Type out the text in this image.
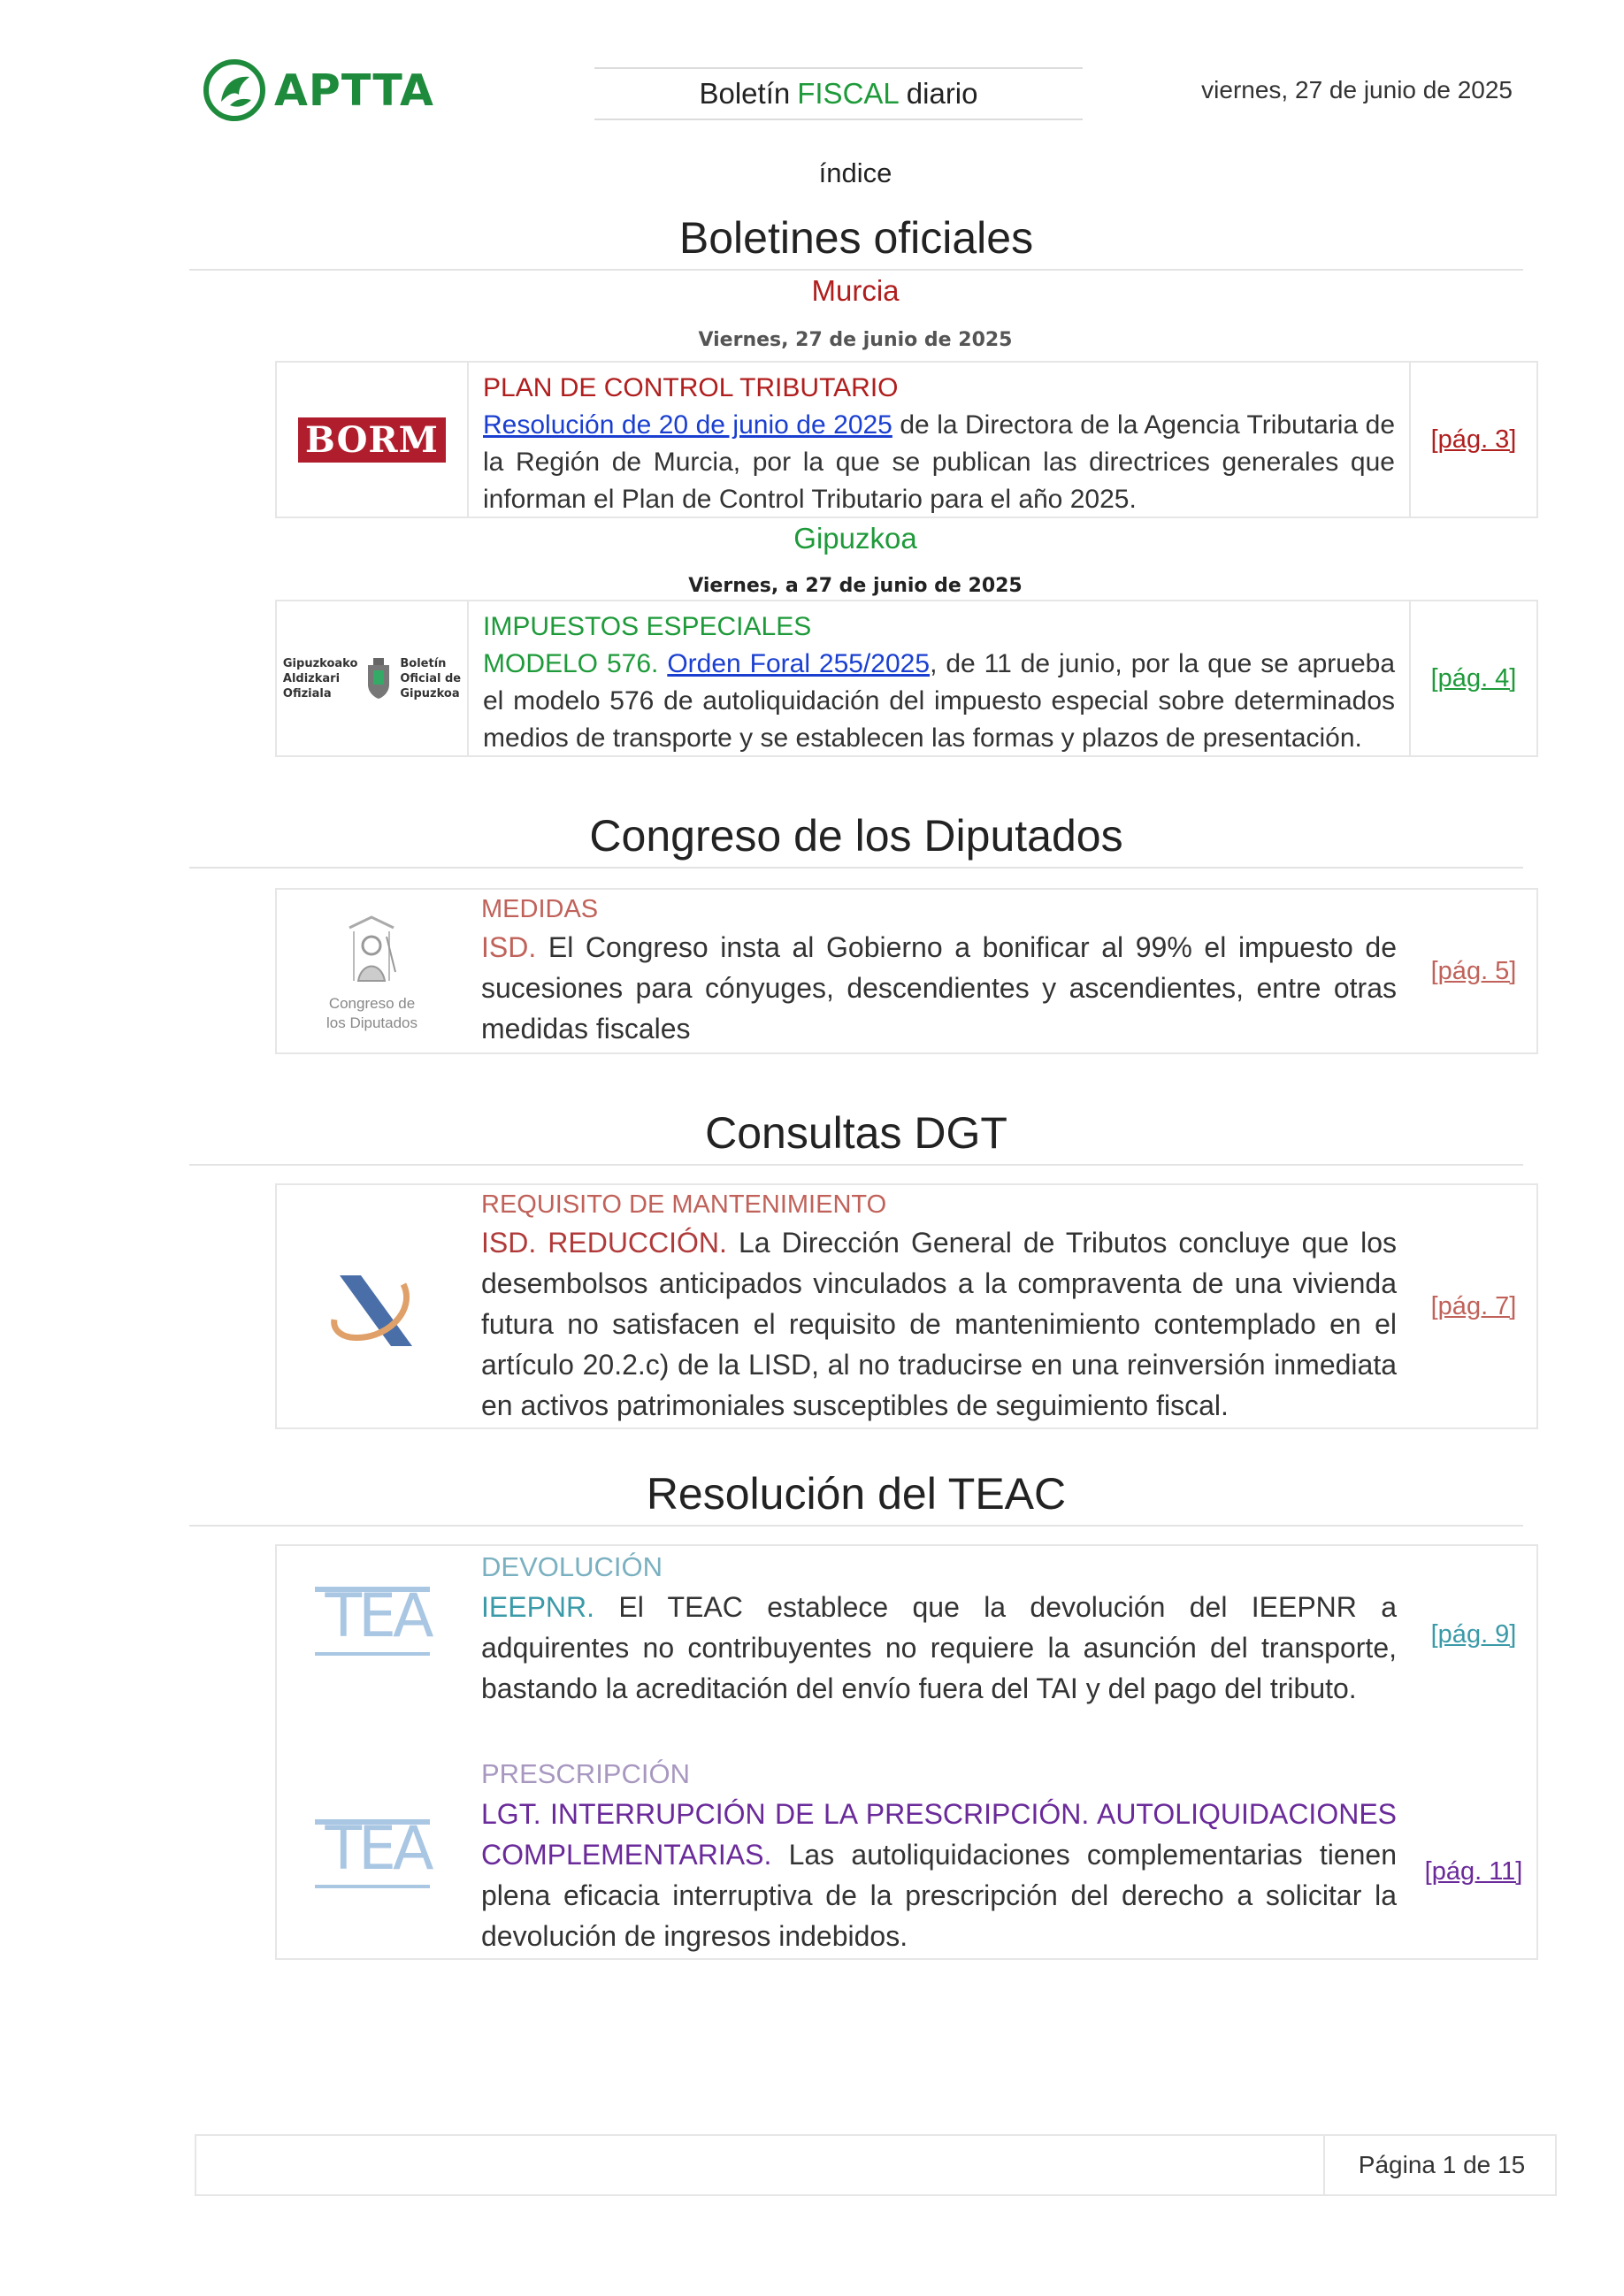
APTTA	Boletín FISCAL diario	viernes, 27 de junio de 2025
índice
Boletines oficiales
Murcia
Viernes, 27 de junio de 2025
BORM
PLAN DE CONTROL TRIBUTARIO
Resolución de 20 de junio de 2025 de la Directora de la Agencia Tributaria de la Región de Murcia, por la que se publican las directrices generales que informan el Plan de Control Tributario para el año 2025.
[pág. 3]
Gipuzkoa
Viernes, a 27 de junio de 2025
Gipuzkoako
Aldizkari
Ofiziala
Boletín
Oficial de
Gipuzkoa
IMPUESTOS ESPECIALES
MODELO 576. Orden Foral 255/2025, de 11 de junio, por la que se aprueba el modelo 576 de autoliquidación del impuesto especial sobre determinados medios de transporte y se establecen las formas y plazos de presentación.
[pág. 4]
Congreso de los Diputados
Congreso de
los Diputados
MEDIDAS
ISD. El Congreso insta al Gobierno a bonificar al 99% el impuesto de sucesiones para cónyuges, descendientes y ascendientes, entre otras medidas fiscales
[pág. 5]
Consultas DGT
REQUISITO DE MANTENIMIENTO
ISD. REDUCCIÓN. La Dirección General de Tributos concluye que los desembolsos anticipados vinculados a la compraventa de una vivienda futura no satisfacen el requisito de mantenimiento contemplado en el artículo 20.2.c) de la LISD, al no traducirse en una reinversión inmediata en activos patrimoniales susceptibles de seguimiento fiscal.
[pág. 7]
Resolución del TEAC
TEA
DEVOLUCIÓN
IEEPNR. El TEAC establece que la devolución del IEEPNR a adquirentes no contribuyentes no requiere la asunción del transporte, bastando la acreditación del envío fuera del TAI y del pago del tributo.
[pág. 9]
TEA
PRESCRIPCIÓN
LGT. INTERRUPCIÓN DE LA PRESCRIPCIÓN. AUTOLIQUIDACIONES COMPLEMENTARIAS. Las autoliquidaciones complementarias tienen plena eficacia interruptiva de la prescripción del derecho a solicitar la devolución de ingresos indebidos.
[pág. 11]
Página 1 de 15
